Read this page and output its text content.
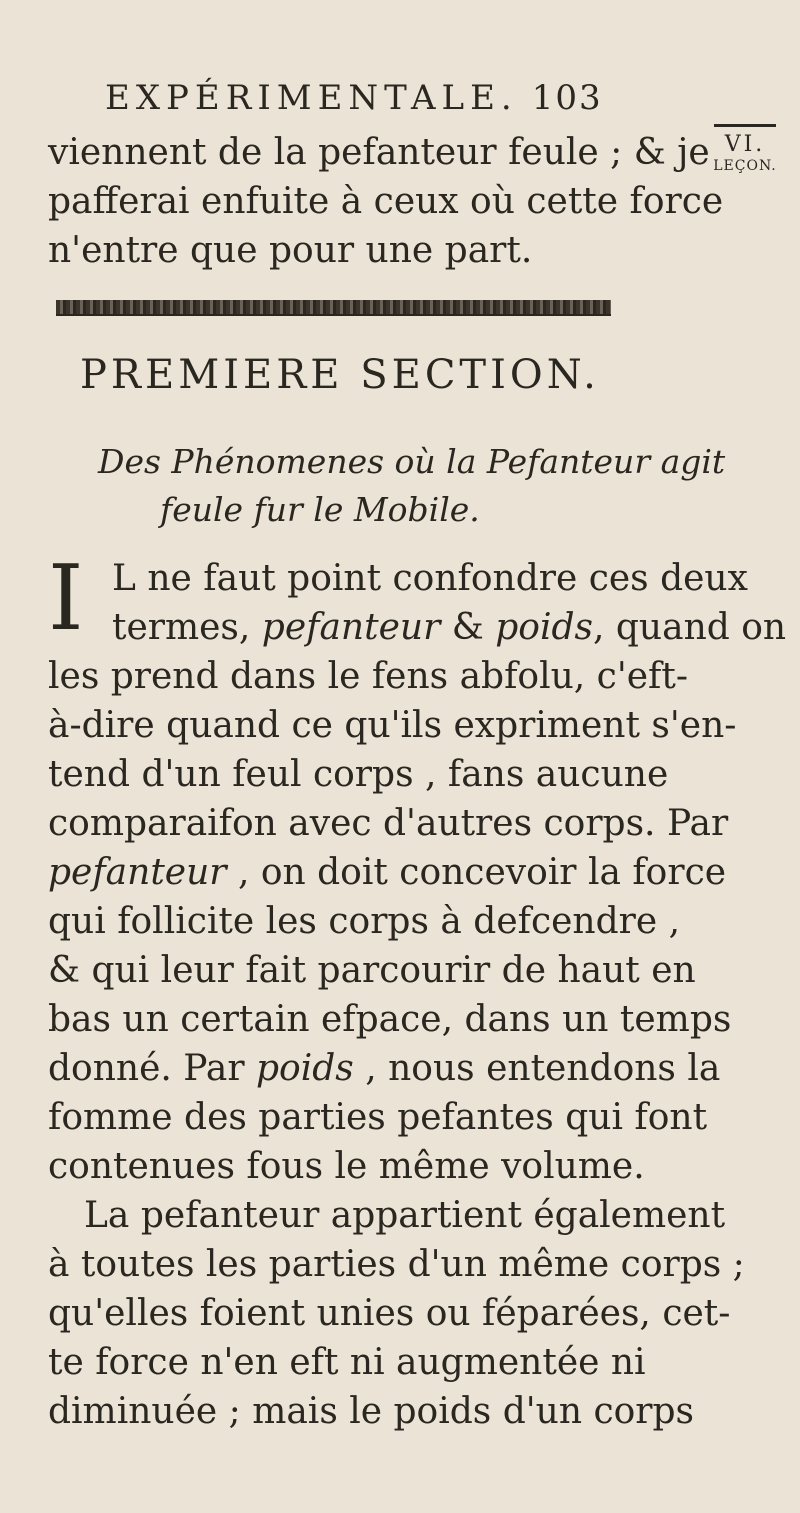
EXPÉRIMENTALE. 103
viennent de la pefanteur feule ; & je
pafferai enfuite à ceux où cette force
n'entre que pour une part.
VI.
LEÇON.
PREMIERE SECTION.
Des Phénomenes où la Pefanteur agit
feule fur le Mobile.
I L ne faut point confondre ces deux
termes, pefanteur & poids, quand on
les prend dans le fens abfolu, c'eft-
à-dire quand ce qu'ils expriment s'en-
tend d'un feul corps , fans aucune
comparaifon avec d'autres corps. Par
pefanteur , on doit concevoir la force
qui follicite les corps à defcendre ,
& qui leur fait parcourir de haut en
bas un certain efpace, dans un temps
donné. Par poids , nous entendons la
fomme des parties pefantes qui font
contenues fous le même volume.
La pefanteur appartient également
à toutes les parties d'un même corps ;
qu'elles foient unies ou féparées, cet-
te force n'en eft ni augmentée ni
diminuée ; mais le poids d'un corps
